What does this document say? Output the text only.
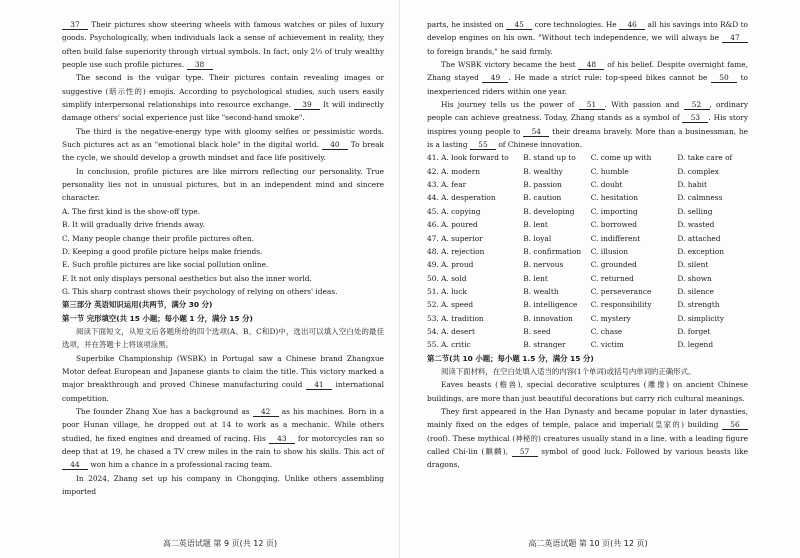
37 Their pictures show steering wheels with famous watches or piles of luxury goods. Psychologically, when individuals lack a sense of achievement in reality, they often build false superiority through virtual symbols. In fact, only 2⅓ of truly wealthy people use such profile pictures. 38

The second is the vulgar type. Their pictures contain revealing images or suggestive (暗示性的) emojis. According to psychological studies, such users easily simplify interpersonal relationships into resource exchange. 39 It will indirectly damage others' social experience just like "second-hand smoke".

The third is the negative-energy type with gloomy selfies or pessimistic words. Such pictures act as an "emotional black hole" in the digital world. 40 To break the cycle, we should develop a growth mindset and face life positively.

In conclusion, profile pictures are like mirrors reflecting our personality. True personality lies not in unusual pictures, but in an independent mind and sincere character.

A. The first kind is the show-off type.

B. It will gradually drive friends away.

C. Many people change their profile pictures often.

D. Keeping a good profile picture helps make friends.

E. Such profile pictures are like social pollution online.

F. It not only displays personal aesthetics but also the inner world.

G. This sharp contrast shows their psychology of relying on others' ideas.

第三部分 英语知识运用(共两节，满分 30 分)

第一节 完形填空(共 15 小题；每小题 1 分，满分 15 分)

阅读下面短文，从短文后各题所给的四个选项(A、B、C和D)中，选出可以填入空白处的最佳选项，并在答题卡上将该项涂黑。

Superbike Championship (WSBK) in Portugal saw a Chinese brand Zhangxue Motor defeat European and Japanese giants to claim the title. This victory marked a major breakthrough and proved Chinese manufacturing could 41 international competition.

The founder Zhang Xue has a background as 42 as his machines. Born in a poor Hunan village, he dropped out at 14 to work as a mechanic. While others studied, he fixed engines and dreamed of racing. His 43 for motorcycles ran so deep that at 19, he chased a TV crew miles in the rain to show his skills. This act of 44 won him a chance in a professional racing team.

In 2024, Zhang set up his company in Chongqing. Unlike others assembling imported

高二英语试题 第 9 页(共 12 页)

parts, he insisted on 45 core technologies. He 46 all his savings into R&D to develop engines on his own. "Without tech independence, we will always be 47 to foreign brands," he said firmly.

The WSBK victory became the best 48 of his belief. Despite overnight fame, Zhang stayed 49 . He made a strict rule: top-speed bikes cannot be 50 to inexperienced riders within one year.

His journey tells us the power of 51 . With passion and 52 , ordinary people can achieve greatness. Today, Zhang stands as a symbol of 53 . His story inspires young people to 54 their dreams bravely. More than a businessman, he is a lasting 55 of Chinese innovation.

41. A. look forward to	B. stand up to	C. come up with	D. take care of
42. A. modern	B. wealthy	C. humble	D. complex
43. A. fear	B. passion	C. doubt	D. habit
44. A. desperation	B. caution	C. hesitation	D. calmness
45. A. copying	B. developing	C. importing	D. selling
46. A. poured	B. lent	C. borrowed	D. wasted
47. A. superior	B. loyal	C. indifferent	D. attached
48. A. rejection	B. confirmation	C. illusion	D. exception
49. A. proud	B. nervous	C. grounded	D. silent
50. A. sold	B. lent	C. returned	D. shown
51. A. luck	B. wealth	C. perseverance	D. silence
52. A. speed	B. intelligence	C. responsibility	D. strength
53. A. tradition	B. innovation	C. mystery	D. simplicity
54. A. desert	B. seed	C. chase	D. forget
55. A. critic	B. stranger	C. victim	D. legend

第二节(共 10 小题；每小题 1.5 分，满分 15 分)

阅读下面材料，在空白处填入适当的内容(1个单词)或括号内单词的正确形式。

Eaves beasts (檐兽), special decorative sculptures (雕像) on ancient Chinese buildings, are more than just beautiful decorations but carry rich cultural meanings.

They first appeared in the Han Dynasty and became popular in later dynasties, mainly fixed on the edges of temple, palace and imperial(皇家的) building 56 (roof). These mythical (神秘的) creatures usually stand in a line, with a leading figure called Chi-lin (麒麟), 57 symbol of good luck. Followed by various beasts like dragons,

高二英语试题 第 10 页(共 12 页)
